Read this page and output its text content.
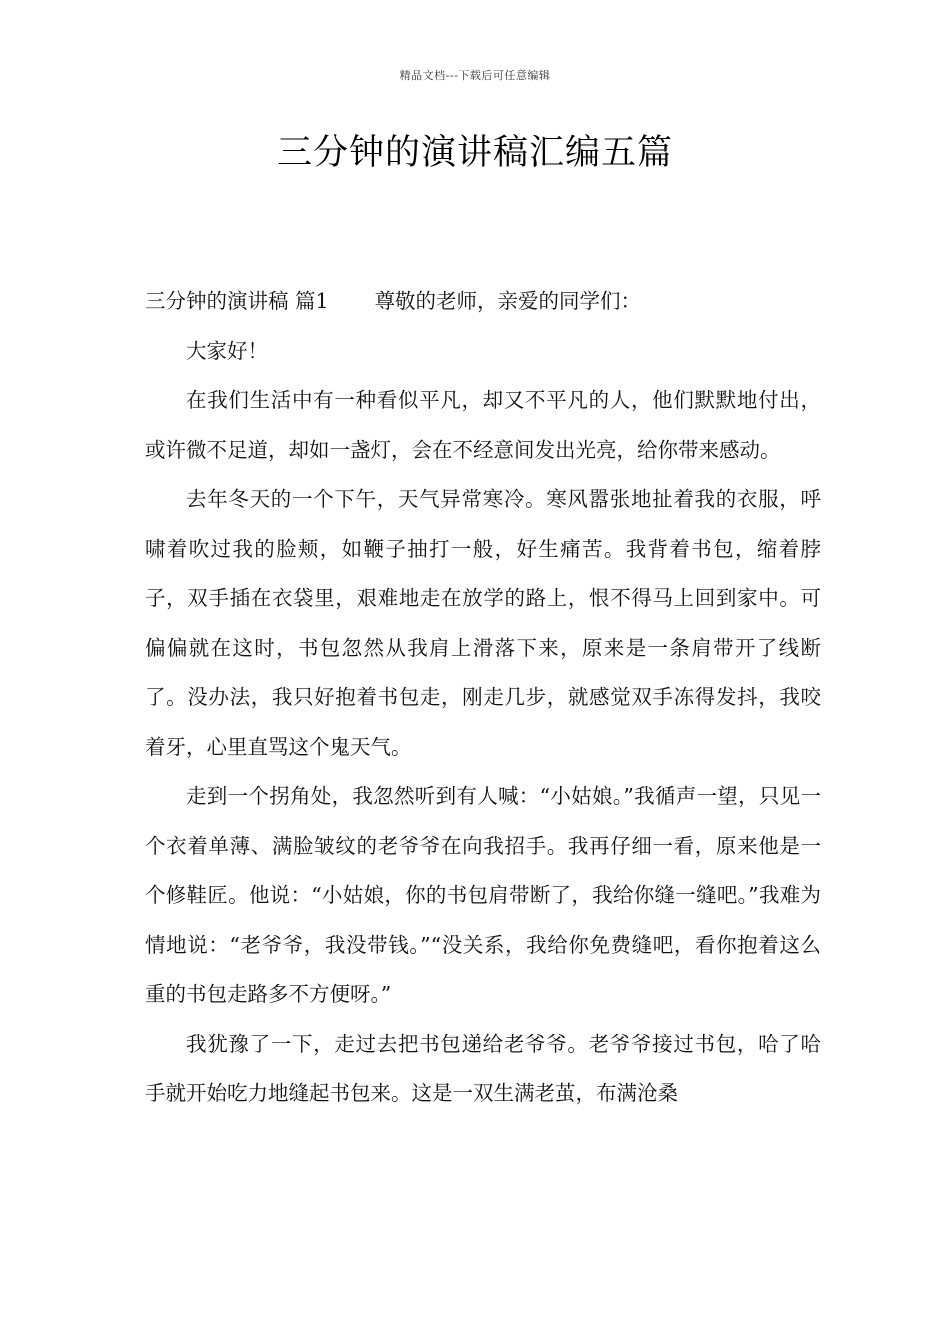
精品文档---下载后可任意编辑
三分钟的演讲稿汇编五篇

三分钟的演讲稿 篇1 尊敬的老师，亲爱的同学们：

大家好！

在我们生活中有一种看似平凡，却又不平凡的人，他们默默地付出，或许微不足道，却如一盏灯，会在不经意间发出光亮，给你带来感动。

去年冬天的一个下午，天气异常寒冷。寒风嚣张地扯着我的衣服，呼啸着吹过我的脸颊，如鞭子抽打一般，好生痛苦。我背着书包，缩着脖子，双手插在衣袋里，艰难地走在放学的路上，恨不得马上回到家中。可偏偏就在这时，书包忽然从我肩上滑落下来，原来是一条肩带开了线断了。没办法，我只好抱着书包走，刚走几步，就感觉双手冻得发抖，我咬着牙，心里直骂这个鬼天气。

走到一个拐角处，我忽然听到有人喊：“小姑娘。”我循声一望，只见一个衣着单薄、满脸皱纹的老爷爷在向我招手。我再仔细一看，原来他是一个修鞋匠。他说：“小姑娘，你的书包肩带断了，我给你缝一缝吧。”我难为情地说：“老爷爷，我没带钱。”“没关系，我给你免费缝吧，看你抱着这么重的书包走路多不方便呀。”

我犹豫了一下，走过去把书包递给老爷爷。老爷爷接过书包，哈了哈手就开始吃力地缝起书包来。这是一双生满老茧，布满沧桑
